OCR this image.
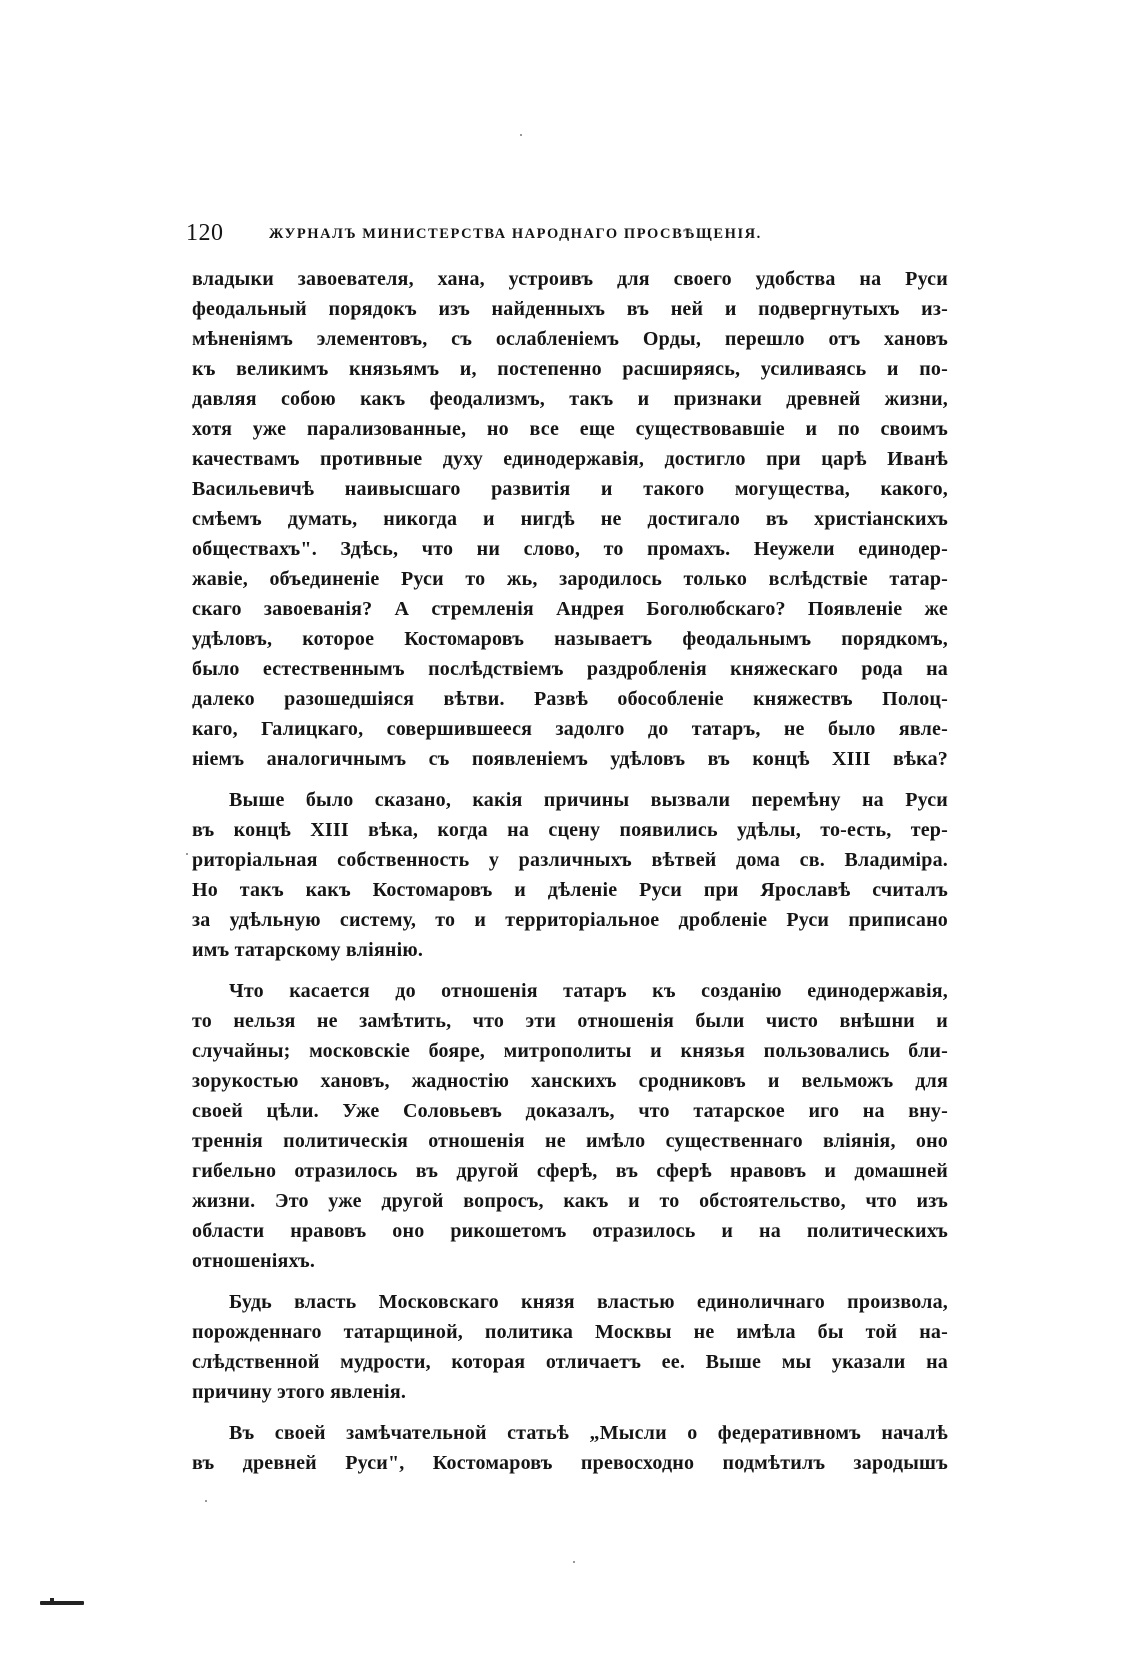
120	ЖУРНАЛЪ МИНИСТЕРСТВА НАРОДНАГО ПРОСВѢЩЕНІЯ.
владыки завоевателя, хана, устроивъ для своего удобства на Руси
феодальный порядокъ изъ найденныхъ въ ней и подвергнутыхъ из-
мѣненіямъ элементовъ, съ ослабленіемъ Орды, перешло отъ хановъ
къ великимъ князьямъ и, постепенно расширяясь, усиливаясь и по-
давляя собою какъ феодализмъ, такъ и признаки древней жизни,
хотя уже парализованные, но все еще существовавшіе и по своимъ
качествамъ противные духу единодержавія, достигло при царѣ Иванѣ
Васильевичѣ наивысшаго развитія и такого могущества, какого,
смѣемъ думать, никогда и нигдѣ не достигало въ христіанскихъ
обществахъ". Здѣсь, что ни слово, то промахъ. Неужели единодер-
жавіе, объединеніе Руси то жь, зародилось только вслѣдствіе татар-
скаго завоеванія? А стремленія Андрея Боголюбскаго? Появленіе же
удѣловъ, которое Костомаровъ называетъ феодальнымъ порядкомъ,
было естественнымъ послѣдствіемъ раздробленія княжескаго рода на
далеко разошедшіяся вѣтви. Развѣ обособленіе княжествъ Полоц-
каго, Галицкаго, совершившееся задолго до татаръ, не было явле-
ніемъ аналогичнымъ съ появленіемъ удѣловъ въ концѣ XIII вѣка?
Выше было сказано, какія причины вызвали перемѣну на Руси
въ концѣ XIII вѣка, когда на сцену появились удѣлы, то-есть, тер-
риторіальная собственность у различныхъ вѣтвей дома св. Владиміра.
Но такъ какъ Костомаровъ и дѣленіе Руси при Ярославѣ считалъ
за удѣльную систему, то и территоріальное дробленіе Руси приписано
имъ татарскому вліянію.
Что касается до отношенія татаръ къ созданію единодержавія,
то нельзя не замѣтить, что эти отношенія были чисто внѣшни и
случайны; московскіе бояре, митрополиты и князья пользовались бли-
зорукостью хановъ, жадностію ханскихъ сродниковъ и вельможъ для
своей цѣли. Уже Соловьевъ доказалъ, что татарское иго на вну-
треннія политическія отношенія не имѣло существеннаго вліянія, оно
гибельно отразилось въ другой сферѣ, въ сферѣ нравовъ и домашней
жизни. Это уже другой вопросъ, какъ и то обстоятельство, что изъ
области нравовъ оно рикошетомъ отразилось и на политическихъ
отношеніяхъ.
Будь власть Московскаго князя властью единоличнаго произвола,
порожденнаго татарщиной, политика Москвы не имѣла бы той на-
слѣдственной мудрости, которая отличаетъ ее. Выше мы указали на
причину этого явленія.
Въ своей замѣчательной статьѣ „Мысли о федеративномъ началѣ
въ древней Руси", Костомаровъ превосходно подмѣтилъ зародышъ
